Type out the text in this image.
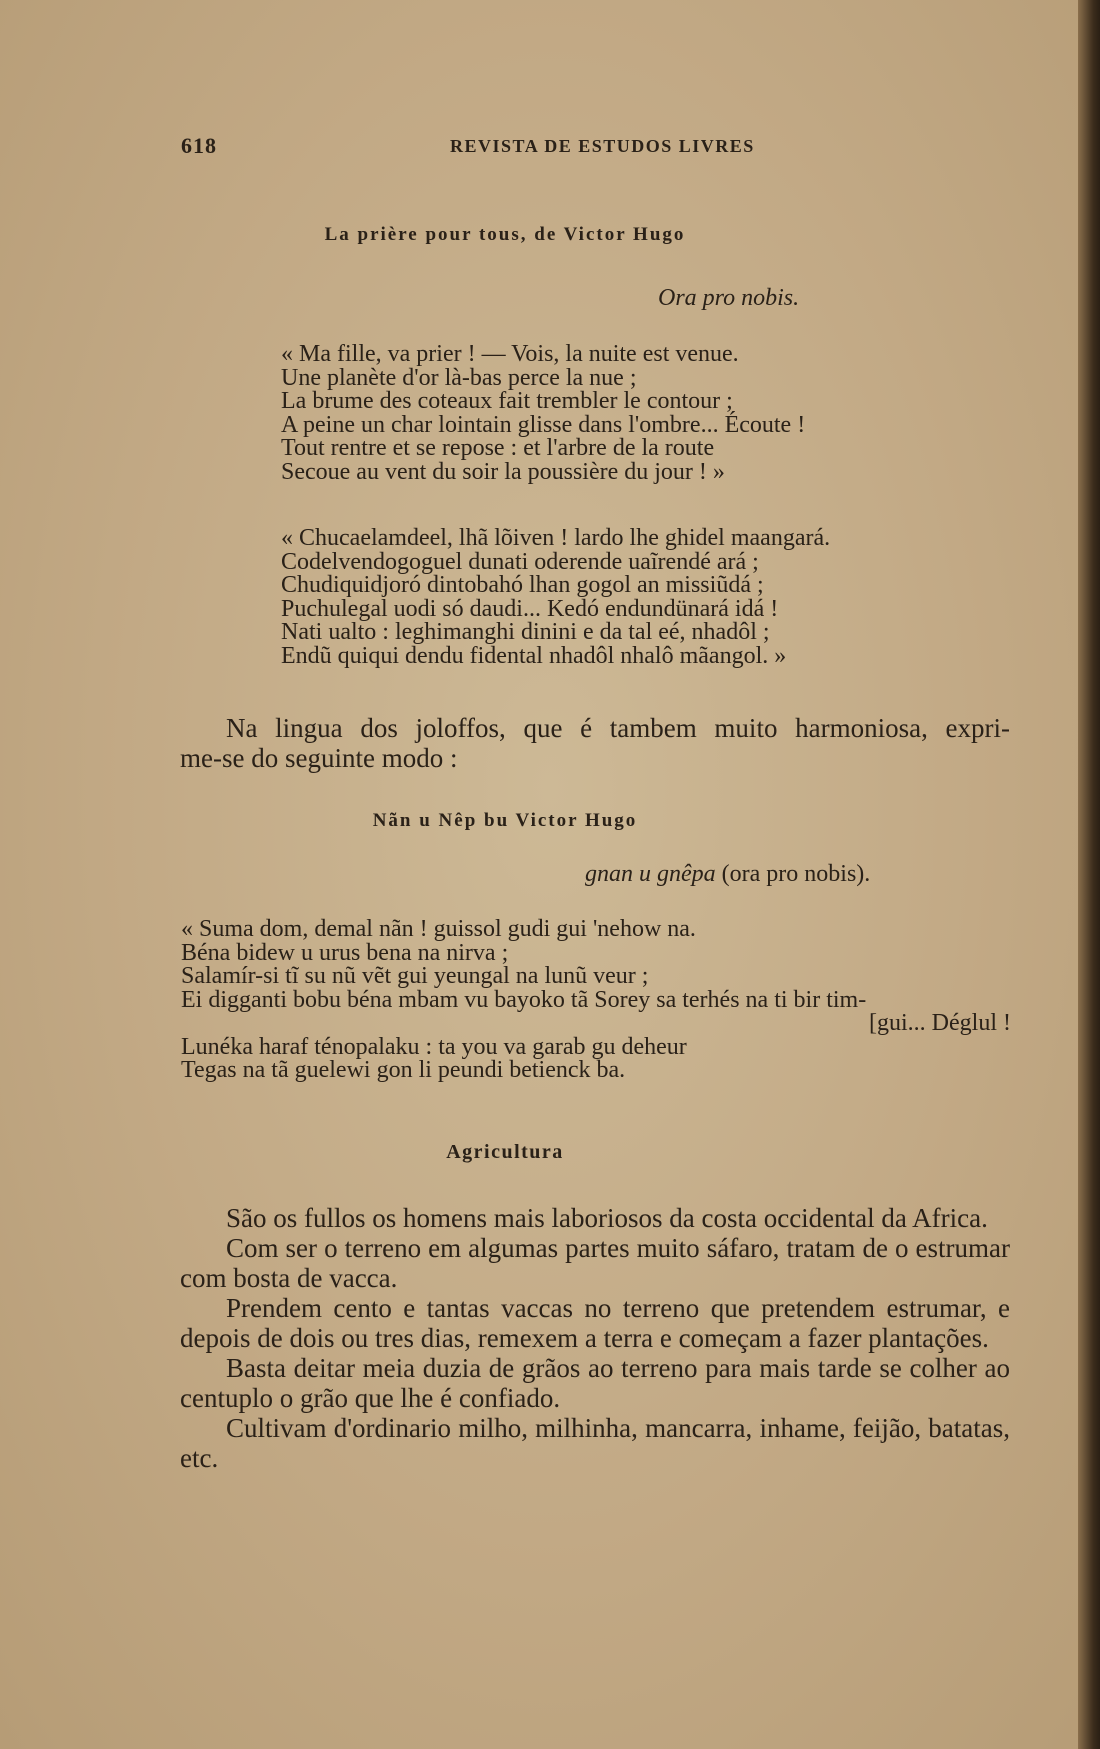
618	REVISTA DE ESTUDOS LIVRES
La prière pour tous, de Victor Hugo
Ora pro nobis.
« Ma fille, va prier ! — Vois, la nuite est venue.
Une planète d'or là-bas perce la nue ;
La brume des coteaux fait trembler le contour ;
A peine un char lointain glisse dans l'ombre... Écoute !
Tout rentre et se repose : et l'arbre de la route
Secoue au vent du soir la poussière du jour ! »
« Chucaelamdeel, lhã lõiven ! lardo lhe ghidel maangará.
Codelvendogoguel dunati oderende uaĩrendé ará ;
Chudiquidjoró dintobahó lhan gogol an missiũdá ;
Puchulegal uodi só daudi... Kedó endundünará idá !
Nati ualto : leghimanghi dinini e da tal eé, nhadôl ;
Endũ quiqui dendu fidental nhadôl nhalô mãangol. »
Na lingua dos joloffos, que é tambem muito harmoniosa, expri-
me-se do seguinte modo :
Nãn u Nêp bu Victor Hugo
gnan u gnêpa (ora pro nobis).
« Suma dom, demal nãn ! guissol gudi gui 'nehow na.
Béna bidew u urus bena na nirva ;
Salamír-si tĩ su nũ vẽt gui yeungal na lunũ veur ;
Ei digganti bobu béna mbam vu bayoko tã Sorey sa terhés na ti bir tim-
[gui... Déglul !
Lunéka haraf ténopalaku : ta you va garab gu deheur
Tegas na tã guelewi gon li peundi betienck ba.
Agricultura

São os fullos os homens mais laboriosos da costa occidental da Africa.

Com ser o terreno em algumas partes muito sáfaro, tratam de o estrumar com bosta de vacca.

Prendem cento e tantas vaccas no terreno que pretendem estrumar, e depois de dois ou tres dias, remexem a terra e começam a fazer plantações.

Basta deitar meia duzia de grãos ao terreno para mais tarde se colher ao centuplo o grão que lhe é confiado.

Cultivam d'ordinario milho, milhinha, mancarra, inhame, feijão, batatas, etc.
